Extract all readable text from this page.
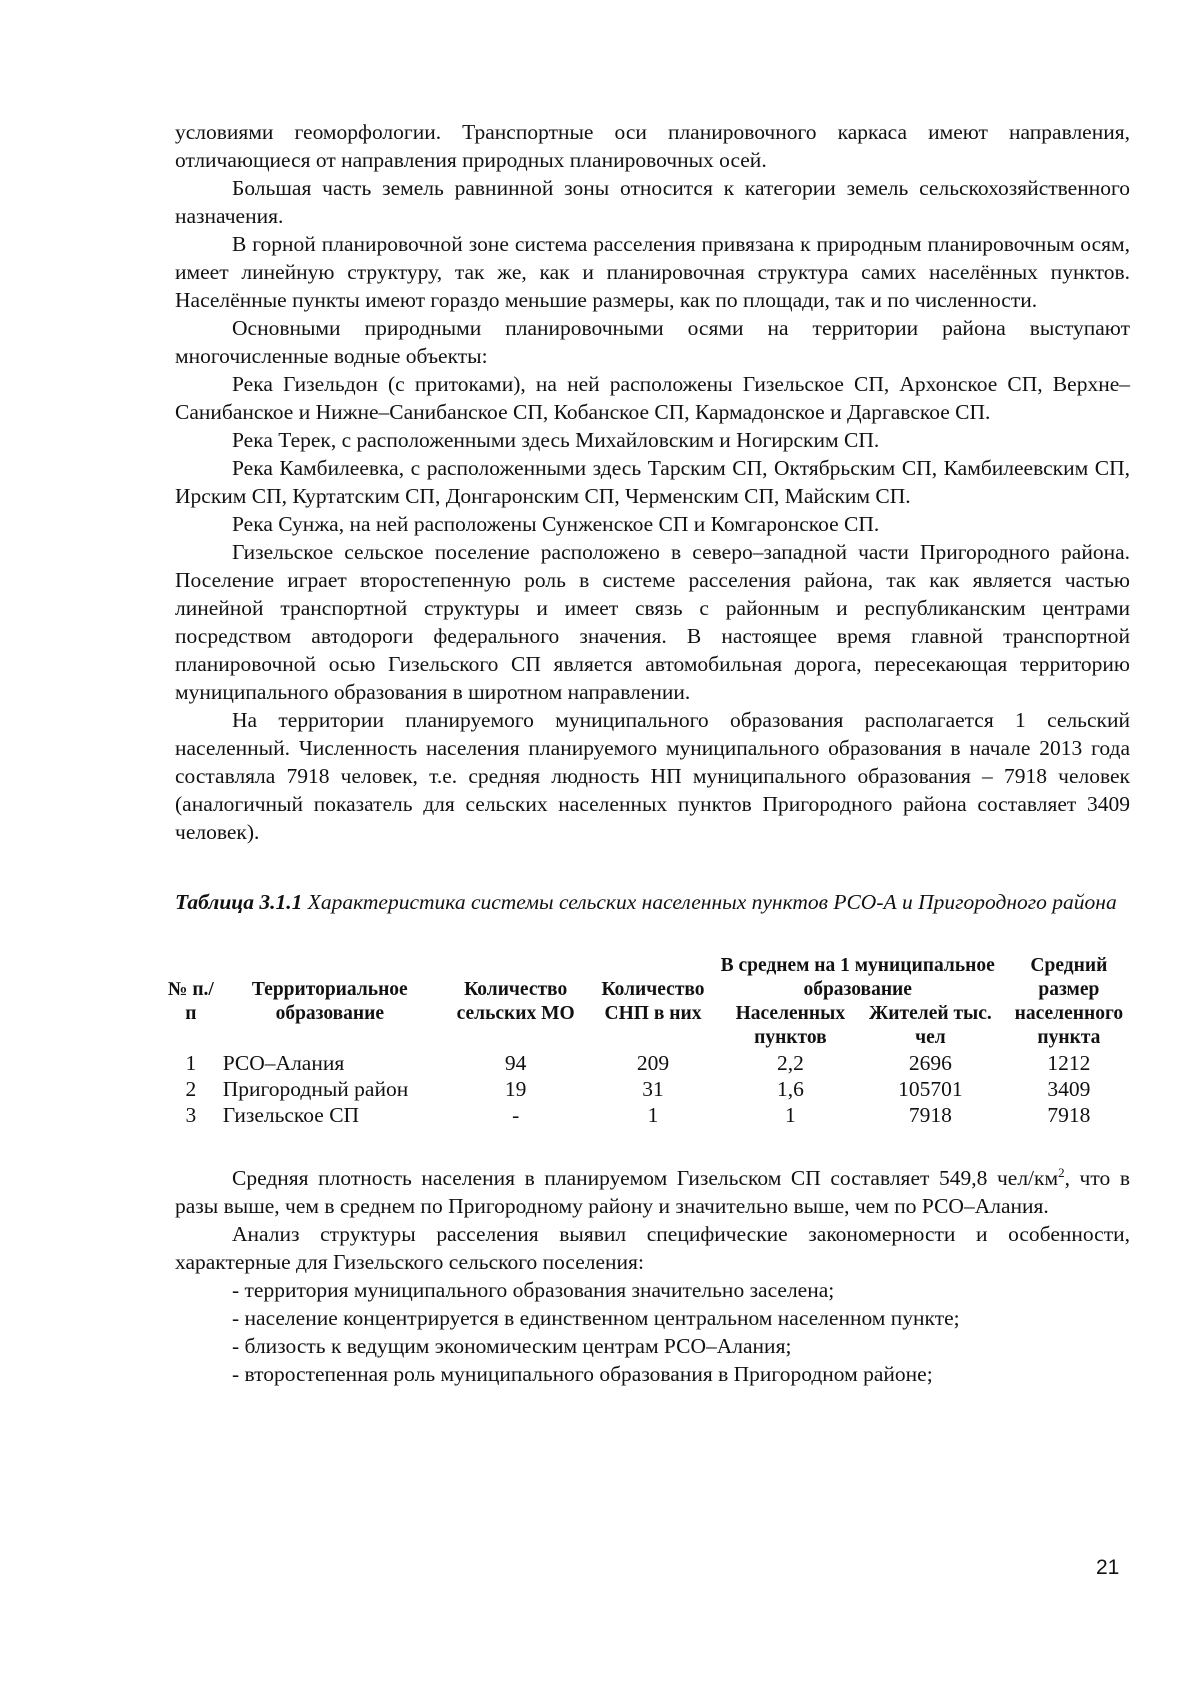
условиями геоморфологии. Транспортные оси планировочного каркаса имеют направления, отличающиеся от направления природных планировочных осей.

Большая часть земель равнинной зоны относится к категории земель сельскохозяйственного назначения.

В горной планировочной зоне система расселения привязана к природным планировочным осям, имеет линейную структуру, так же, как и планировочная структура самих населённых пунктов. Населённые пункты имеют гораздо меньшие размеры, как по площади, так и по численности.

Основными природными планировочными осями на территории района выступают многочисленные водные объекты:

Река Гизельдон (с притоками), на ней расположены Гизельское СП, Архонское СП, Верхне–Санибанское и Нижне–Санибанское СП, Кобанское СП, Кармадонское и Даргавское СП.

Река Терек, с расположенными здесь Михайловским и Ногирским СП.

Река Камбилеевка, с расположенными здесь Тарским СП, Октябрьским СП, Камбилеевским СП, Ирским СП, Куртатским СП, Донгаронским СП, Черменским СП, Майским СП.

Река Сунжа, на ней расположены Сунженское СП и Комгаронское СП.

Гизельское сельское поселение расположено в северо–западной части Пригородного района. Поселение играет второстепенную роль в системе расселения района, так как является частью линейной транспортной структуры и имеет связь с районным и республиканским центрами посредством автодороги федерального значения. В настоящее время главной транспортной планировочной осью Гизельского СП является автомобильная дорога, пересекающая территорию муниципального образования в широтном направлении.

На территории планируемого муниципального образования располагается 1 сельский населенный. Численность населения планируемого муниципального образования в начале 2013 года составляла 7918 человек, т.е. средняя людность НП муниципального образования – 7918 человек (аналогичный показатель для сельских населенных пунктов Пригородного района составляет 3409 человек).

Таблица 3.1.1 Характеристика системы сельских населенных пунктов РСО-А и Пригородного района

№ п./ п	Территориальное образование	Количество сельских МО	Количество СНП в них	В среднем на 1 муниципальное образование		Средний размер населенного пункта
				Населенных пунктов	Жителей тыс. чел	
1	РСО–Алания	94	209	2,2	2696	1212
2	Пригородный район	19	31	1,6	105701	3409
3	Гизельское СП	-	1	1	7918	7918

Средняя плотность населения в планируемом Гизельском СП составляет 549,8 чел/$км^2$, что в разы выше, чем в среднем по Пригородному району и значительно выше, чем по РСО–Алания.

Анализ структуры расселения выявил специфические закономерности и особенности, характерные для Гизельского сельского поселения:

- территория муниципального образования значительно заселена;
- население концентрируется в единственном центральном населенном пункте;
- близость к ведущим экономическим центрам РСО–Алания;
- второстепенная роль муниципального образования в Пригородном районе;
21
